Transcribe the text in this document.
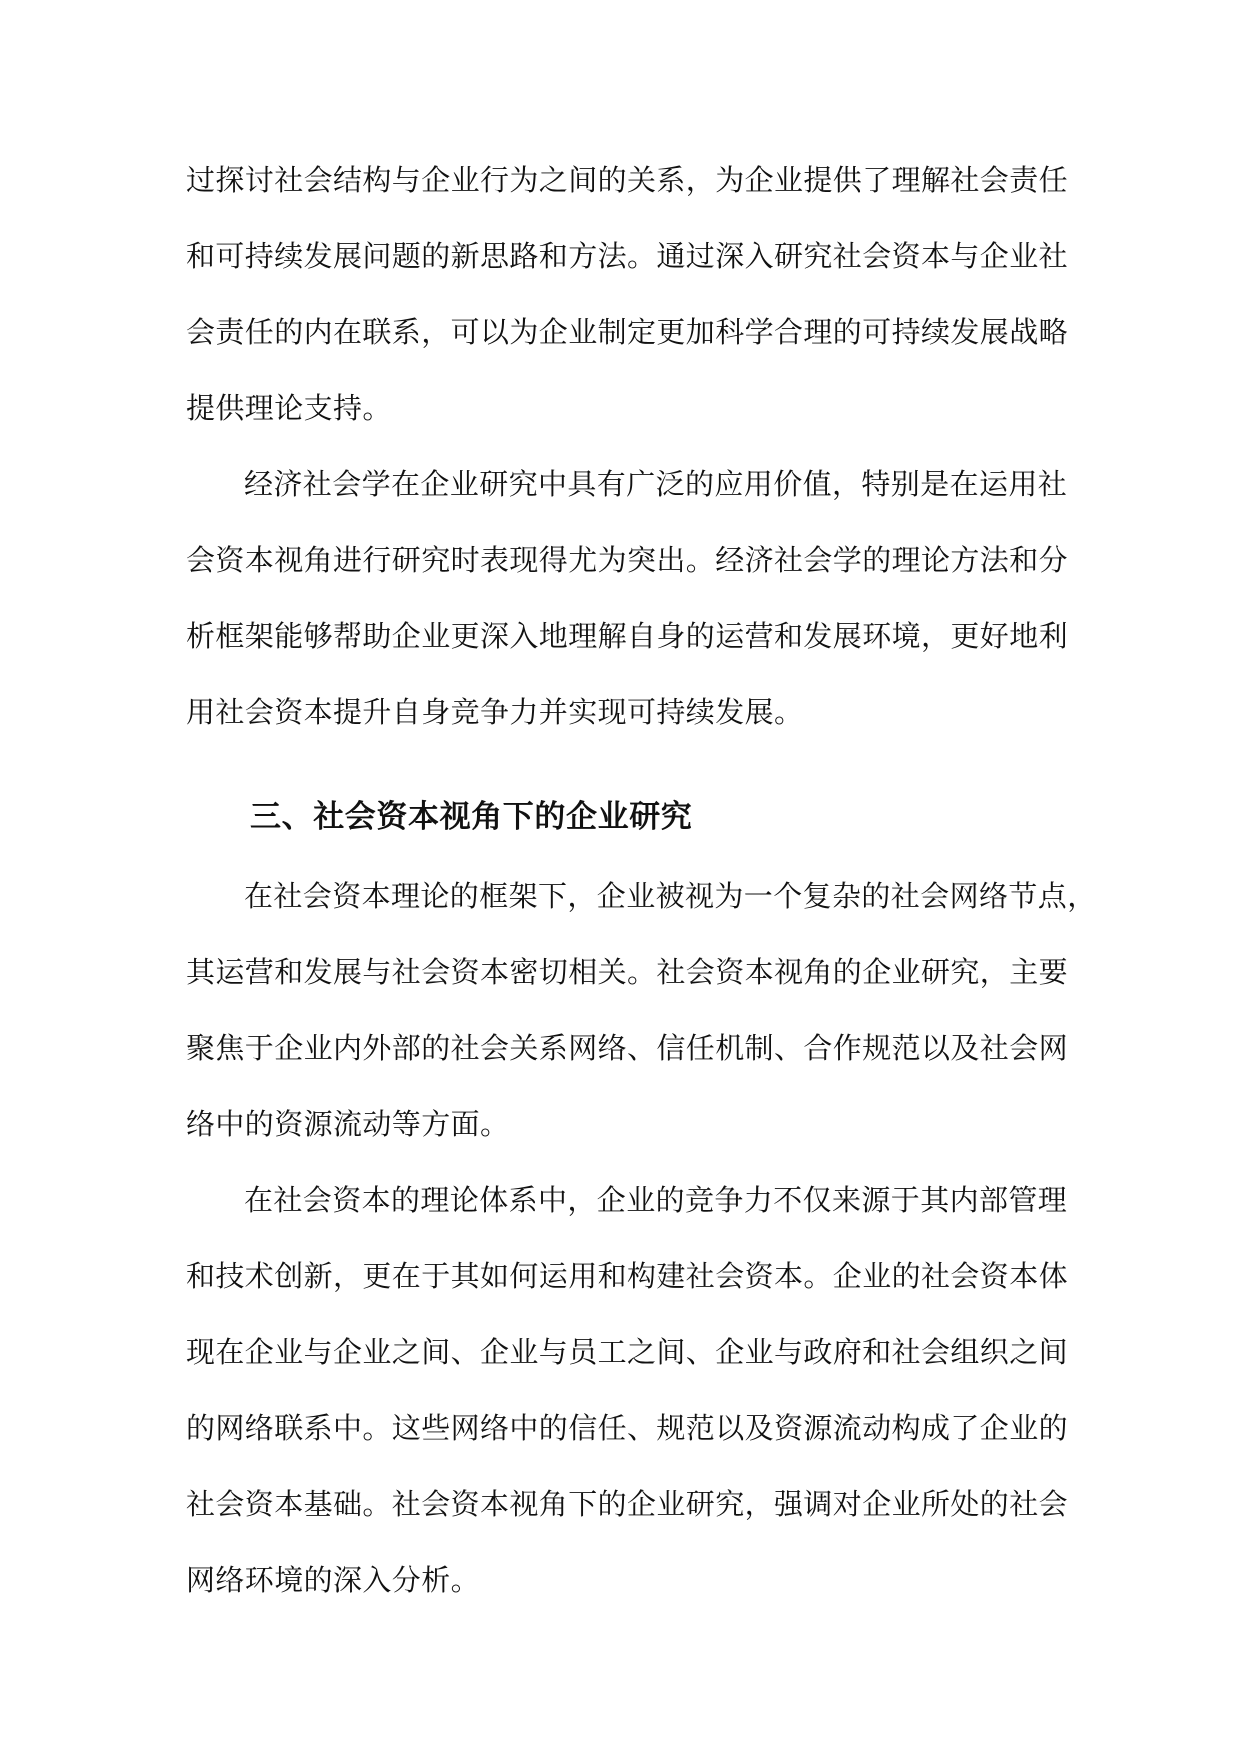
过探讨社会结构与企业行为之间的关系，为企业提供了理解社会责任
和可持续发展问题的新思路和方法。通过深入研究社会资本与企业社
会责任的内在联系，可以为企业制定更加科学合理的可持续发展战略
提供理论支持。
经济社会学在企业研究中具有广泛的应用价值，特别是在运用社
会资本视角进行研究时表现得尤为突出。经济社会学的理论方法和分
析框架能够帮助企业更深入地理解自身的运营和发展环境，更好地利
用社会资本提升自身竞争力并实现可持续发展。
三、社会资本视角下的企业研究
在社会资本理论的框架下，企业被视为一个复杂的社会网络节点，
其运营和发展与社会资本密切相关。社会资本视角的企业研究，主要
聚焦于企业内外部的社会关系网络、信任机制、合作规范以及社会网
络中的资源流动等方面。
在社会资本的理论体系中，企业的竞争力不仅来源于其内部管理
和技术创新，更在于其如何运用和构建社会资本。企业的社会资本体
现在企业与企业之间、企业与员工之间、企业与政府和社会组织之间
的网络联系中。这些网络中的信任、规范以及资源流动构成了企业的
社会资本基础。社会资本视角下的企业研究，强调对企业所处的社会
网络环境的深入分析。
